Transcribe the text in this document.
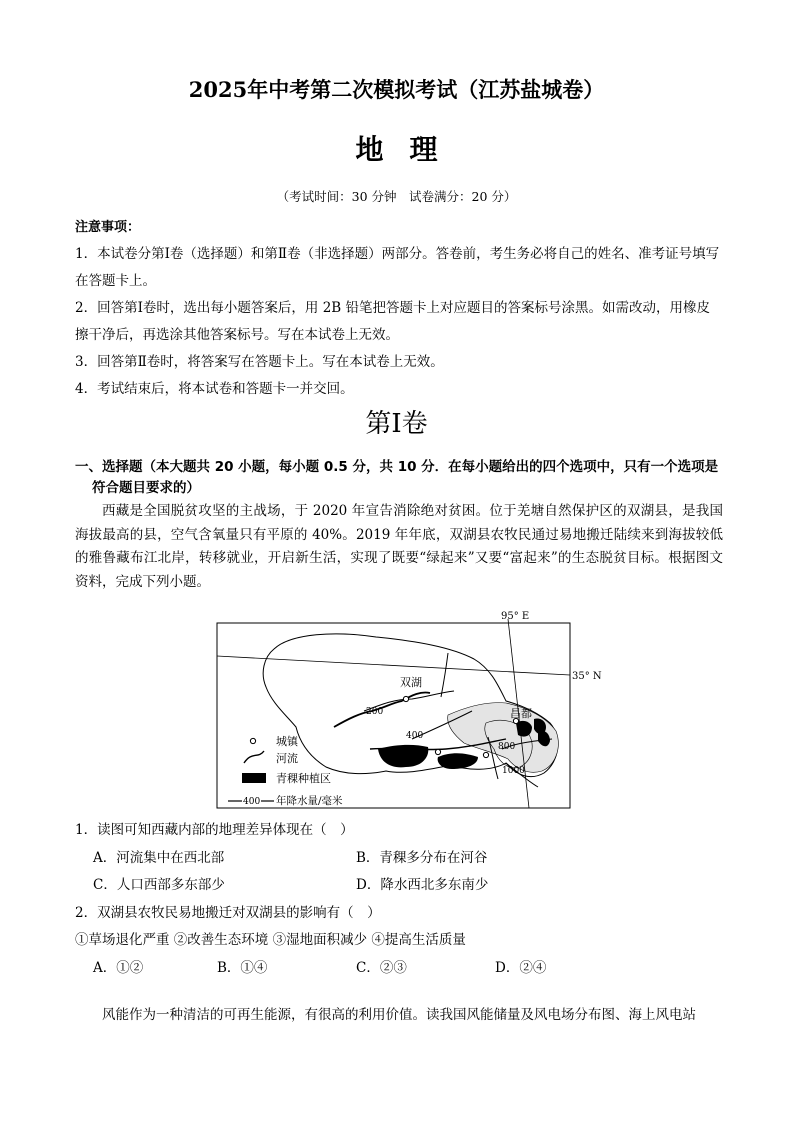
2025年中考第二次模拟考试（江苏盐城卷）
地理
（考试时间：30 分钟　试卷满分：20 分）
注意事项：
1．本试卷分第Ⅰ卷（选择题）和第Ⅱ卷（非选择题）两部分。答卷前，考生务必将自己的姓名、准考证号填写在答题卡上。
2．回答第Ⅰ卷时，选出每小题答案后，用 2B 铅笔把答题卡上对应题目的答案标号涂黑。如需改动，用橡皮擦干净后，再选涂其他答案标号。写在本试卷上无效。
3．回答第Ⅱ卷时，将答案写在答题卡上。写在本试卷上无效。
4．考试结束后，将本试卷和答题卡一并交回。
第Ⅰ卷
一、选择题（本大题共 20 小题，每小题 0.5 分，共 10 分．在每小题给出的四个选项中，只有一个选项是
符合题目要求的）
西藏是全国脱贫攻坚的主战场，于 2020 年宣告消除绝对贫困。位于羌塘自然保护区的双湖县，是我国海拔最高的县，空气含氧量只有平原的 40%。2019 年年底，双湖县农牧民通过易地搬迁陆续来到海拔较低的雅鲁藏布江北岸，转移就业，开启新生活，实现了既要“绿起来”又要“富起来”的生态脱贫目标。根据图文资料，完成下列小题。
95° E
35° N
双湖
昌都
200
400
800
1000
城镇
河流
青稞种植区
400 年降水量/毫米
1．读图可知西藏内部的地理差异体现在（　）
A．河流集中在西北部	B．青稞多分布在河谷
C．人口西部多东部少	D．降水西北多东南少
2．双湖县农牧民易地搬迁对双湖县的影响有（　）
①草场退化严重 ②改善生态环境 ③湿地面积减少 ④提高生活质量
A．①②	B．①④	C．②③	D．②④
风能作为一种清洁的可再生能源，有很高的利用价值。读我国风能储量及风电场分布图、海上风电站
